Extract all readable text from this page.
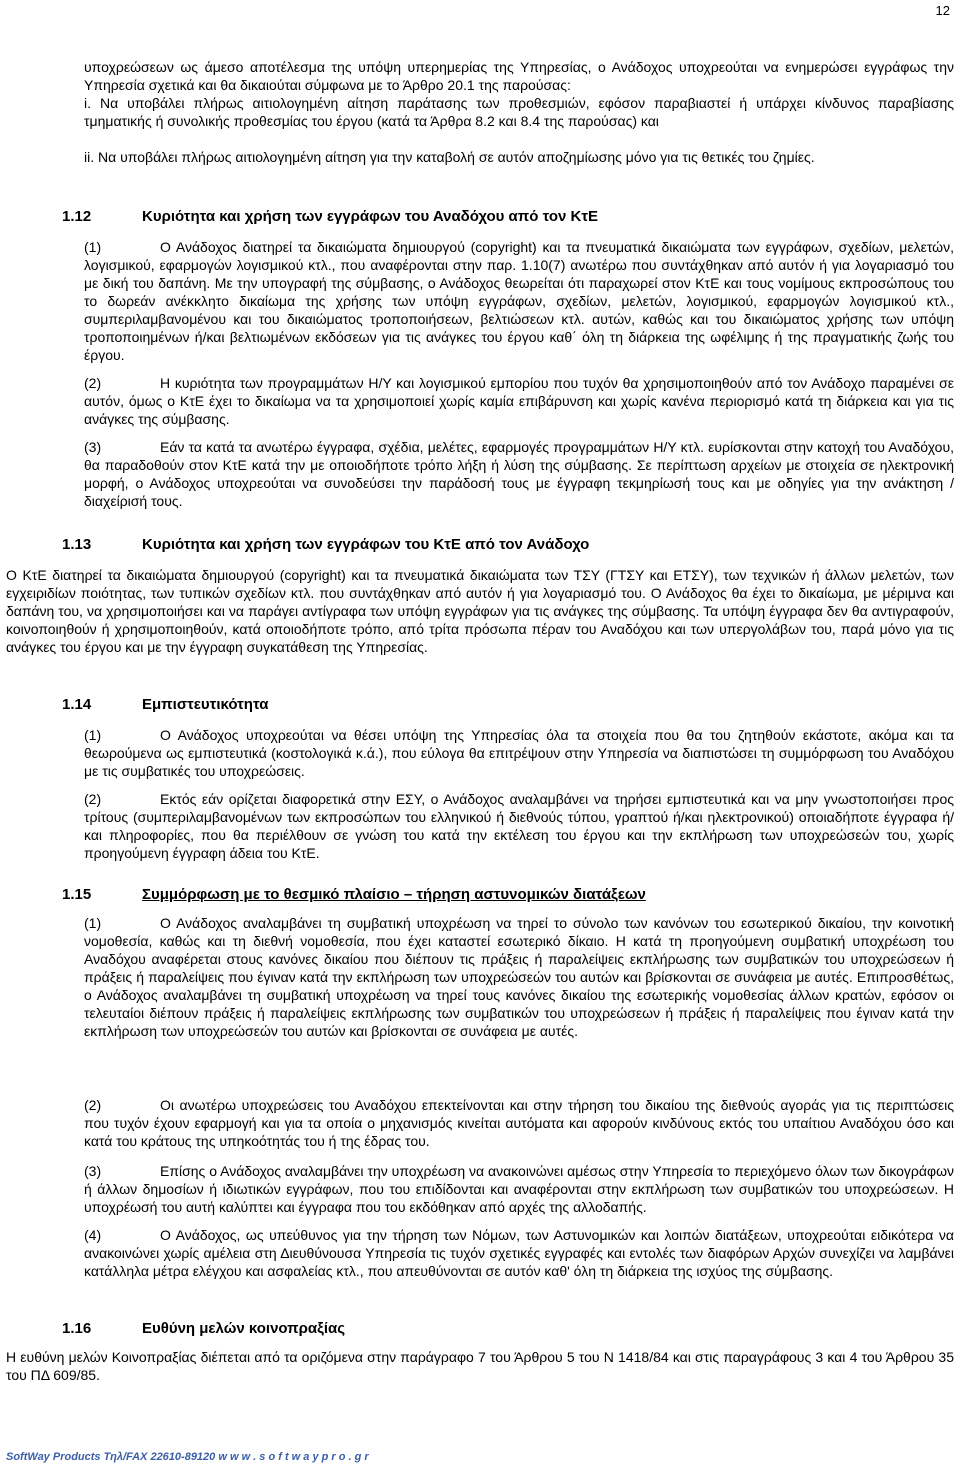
12

υποχρεώσεων ως άμεσο αποτέλεσμα της υπόψη υπερημερίας της Υπηρεσίας, ο Ανάδοχος υποχρεούται να ενημερώσει εγγράφως την Υπηρεσία σχετικά και θα δικαιούται σύμφωνα με το Άρθρο 20.1 της παρούσας:

i. Να υποβάλει πλήρως αιτιολογημένη αίτηση παράτασης των προθεσμιών, εφόσον παραβιαστεί ή υπάρχει κίνδυνος παραβίασης τμηματικής ή συνολικής προθεσμίας του έργου (κατά τα Άρθρα 8.2 και 8.4 της παρούσας) και

ii. Να υποβάλει πλήρως αιτιολογημένη αίτηση για την καταβολή σε αυτόν αποζημίωσης μόνο για τις θετικές του ζημίες.

1.12	Κυριότητα και χρήση των εγγράφων του Αναδόχου από τον ΚτΕ
(1)	Ο Ανάδοχος διατηρεί τα δικαιώματα δημιουργού (copyright) και τα πνευματικά δικαιώματα των εγγράφων, σχεδίων, μελετών, λογισμικού, εφαρμογών λογισμικού κτλ., που αναφέρονται στην παρ. 1.10(7) ανωτέρω που συντάχθηκαν από αυτόν ή για λογαριασμό του με δική του δαπάνη. Με την υπογραφή της σύμβασης, ο Ανάδοχος θεωρείται ότι παραχωρεί στον ΚτΕ και τους νομίμους εκπροσώπους του το δωρεάν ανέκκλητο δικαίωμα της χρήσης των υπόψη εγγράφων, σχεδίων, μελετών, λογισμικού, εφαρμογών λογισμικού κτλ., συμπεριλαμβανομένου και του δικαιώματος τροποποιήσεων, βελτιώσεων κτλ. αυτών, καθώς και του δικαιώματος χρήσης των υπόψη τροποποιημένων ή/και βελτιωμένων εκδόσεων για τις ανάγκες του έργου καθ΄ όλη τη διάρκεια της ωφέλιμης ή της πραγματικής ζωής του έργου.
(2)	Η κυριότητα των προγραμμάτων Η/Υ και λογισμικού εμπορίου που τυχόν θα χρησιμοποιηθούν από τον Ανάδοχο παραμένει σε αυτόν, όμως ο ΚτΕ έχει το δικαίωμα να τα χρησιμοποιεί χωρίς καμία επιβάρυνση και χωρίς κανένα περιορισμό κατά τη διάρκεια και για τις ανάγκες της σύμβασης.
(3)	Εάν τα κατά τα ανωτέρω έγγραφα, σχέδια, μελέτες, εφαρμογές προγραμμάτων Η/Υ κτλ. ευρίσκονται στην κατοχή του Αναδόχου, θα παραδοθούν στον ΚτΕ κατά την με οποιοδήποτε τρόπο λήξη ή λύση της σύμβασης. Σε περίπτωση αρχείων με στοιχεία σε ηλεκτρονική μορφή, ο Ανάδοχος υποχρεούται να συνοδεύσει την παράδοσή τους με έγγραφη τεκμηρίωσή τους και με οδηγίες για την ανάκτηση / διαχείρισή τους.
1.13	Κυριότητα και χρήση των εγγράφων του ΚτΕ από τον Ανάδοχο
Ο ΚτΕ διατηρεί τα δικαιώματα δημιουργού (copyright) και τα πνευματικά δικαιώματα των ΤΣΥ (ΓΤΣΥ και ΕΤΣΥ), των τεχνικών ή άλλων μελετών, των εγχειριδίων ποιότητας, των τυπικών σχεδίων κτλ. που συντάχθηκαν από αυτόν ή για λογαριασμό του. Ο Ανάδοχος θα έχει το δικαίωμα, με μέριμνα και δαπάνη του, να χρησιμοποιήσει και να παράγει αντίγραφα των υπόψη εγγράφων για τις ανάγκες της σύμβασης. Τα υπόψη έγγραφα δεν θα αντιγραφούν, κοινοποιηθούν ή χρησιμοποιηθούν, κατά οποιοδήποτε τρόπο, από τρίτα πρόσωπα πέραν του Αναδόχου και των υπεργολάβων του, παρά μόνο για τις ανάγκες του έργου και με την έγγραφη συγκατάθεση της Υπηρεσίας.
1.14	Εμπιστευτικότητα
(1)	Ο Ανάδοχος υποχρεούται να θέσει υπόψη της Υπηρεσίας όλα τα στοιχεία που θα του ζητηθούν εκάστοτε, ακόμα και τα θεωρούμενα ως εμπιστευτικά (κοστολογικά κ.ά.), που εύλογα θα επιτρέψουν στην Υπηρεσία να διαπιστώσει τη συμμόρφωση του Αναδόχου με τις συμβατικές του υποχρεώσεις.
(2)	Εκτός εάν ορίζεται διαφορετικά στην ΕΣΥ, ο Ανάδοχος αναλαμβάνει να τηρήσει εμπιστευτικά και να μην γνωστοποιήσει προς τρίτους (συμπεριλαμβανομένων των εκπροσώπων του ελληνικού ή διεθνούς τύπου, γραπτού ή/και ηλεκτρονικού) οποιαδήποτε έγγραφα ή/και πληροφορίες, που θα περιέλθουν σε γνώση του κατά την εκτέλεση του έργου και την εκπλήρωση των υποχρεώσεών του, χωρίς προηγούμενη έγγραφη άδεια του ΚτΕ.
1.15	Συμμόρφωση με το θεσμικό πλαίσιο – τήρηση αστυνομικών διατάξεων
(1)	Ο Ανάδοχος αναλαμβάνει τη συμβατική υποχρέωση να τηρεί το σύνολο των κανόνων του εσωτερικού δικαίου, την κοινοτική νομοθεσία, καθώς και τη διεθνή νομοθεσία, που έχει καταστεί εσωτερικό δίκαιο. Η κατά τη προηγούμενη συμβατική υποχρέωση του Αναδόχου αναφέρεται στους κανόνες δικαίου που διέπουν τις πράξεις ή παραλείψεις εκπλήρωσης των συμβατικών του υποχρεώσεων ή πράξεις ή παραλείψεις που έγιναν κατά την εκπλήρωση των υποχρεώσεών του αυτών και βρίσκονται σε συνάφεια με αυτές. Επιπροσθέτως, ο Ανάδοχος αναλαμβάνει τη συμβατική υποχρέωση να τηρεί τους κανόνες δικαίου της εσωτερικής νομοθεσίας άλλων κρατών, εφόσον οι τελευταίοι διέπουν πράξεις ή παραλείψεις εκπλήρωσης των συμβατικών του υποχρεώσεων ή πράξεις ή παραλείψεις που έγιναν κατά την εκπλήρωση των υποχρεώσεών του αυτών και βρίσκονται σε συνάφεια με αυτές.
(2)	Οι ανωτέρω υποχρεώσεις του Αναδόχου επεκτείνονται και στην τήρηση του δικαίου της διεθνούς αγοράς για τις περιπτώσεις που τυχόν έχουν εφαρμογή και για τα οποία ο μηχανισμός κινείται αυτόματα και αφορούν κινδύνους εκτός του υπαίτιου Αναδόχου όσο και κατά του κράτους της υπηκοότητάς του ή της έδρας του.
(3)	Επίσης ο Ανάδοχος αναλαμβάνει την υποχρέωση να ανακοινώνει αμέσως στην Υπηρεσία το περιεχόμενο όλων των δικογράφων ή άλλων δημοσίων ή ιδιωτικών εγγράφων, που του επιδίδονται και αναφέρονται στην εκπλήρωση των συμβατικών του υποχρεώσεων. Η υποχρέωσή του αυτή καλύπτει και έγγραφα που του εκδόθηκαν από αρχές της αλλοδαπής.
(4)	Ο Ανάδοχος, ως υπεύθυνος για την τήρηση των Νόμων, των Αστυνομικών και λοιπών διατάξεων, υποχρεούται ειδικότερα να ανακοινώνει χωρίς αμέλεια στη Διευθύνουσα Υπηρεσία τις τυχόν σχετικές εγγραφές και εντολές των διαφόρων Αρχών συνεχίζει να λαμβάνει κατάλληλα μέτρα ελέγχου και ασφαλείας κτλ., που απευθύνονται σε αυτόν καθ' όλη τη διάρκεια της ισχύος της σύμβασης.
1.16	Ευθύνη μελών κοινοπραξίας
Η ευθύνη μελών Κοινοπραξίας διέπεται από τα οριζόμενα στην παράγραφο 7 του Άρθρου 5 του Ν 1418/84 και στις παραγράφους 3 και 4 του Άρθρου 35 του ΠΔ 609/85.
SoftWay Products Τηλ/FAX 22610-89120 w w w . s o f t w a y p r o . g r
